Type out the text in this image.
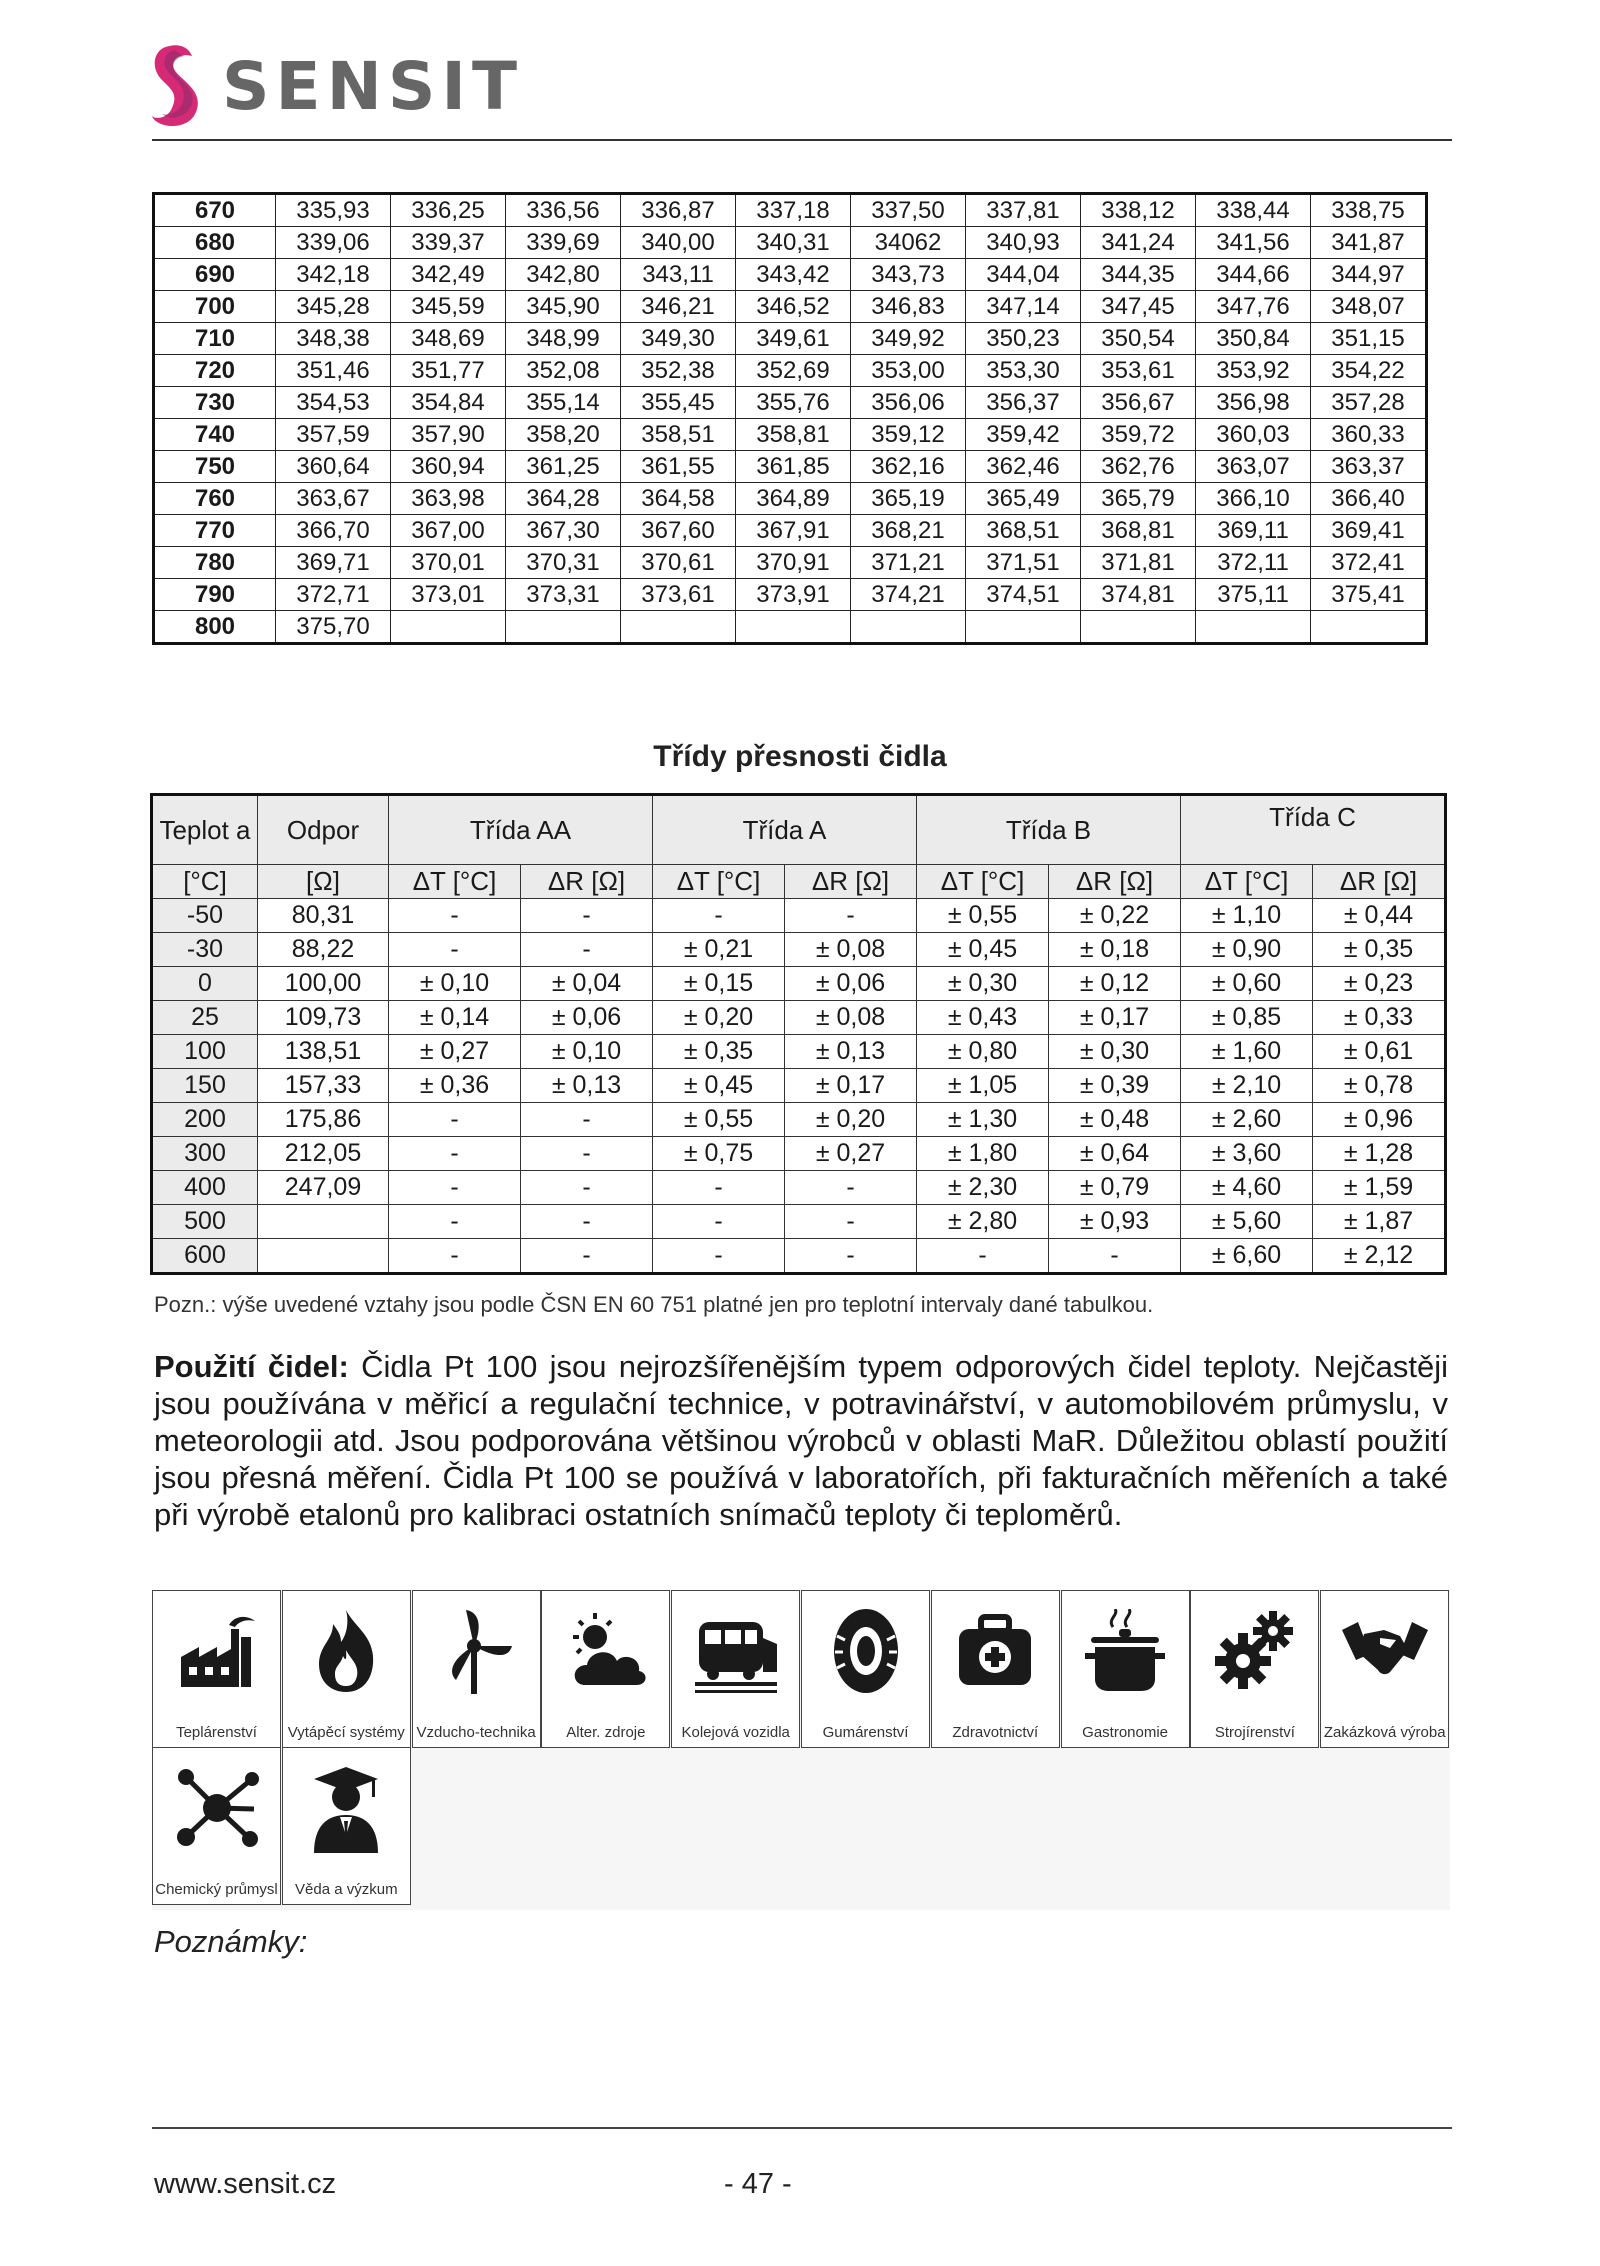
SENSIT
670	335,93	336,25	336,56	336,87	337,18	337,50	337,81	338,12	338,44	338,75
680	339,06	339,37	339,69	340,00	340,31	34062	340,93	341,24	341,56	341,87
690	342,18	342,49	342,80	343,11	343,42	343,73	344,04	344,35	344,66	344,97
700	345,28	345,59	345,90	346,21	346,52	346,83	347,14	347,45	347,76	348,07
710	348,38	348,69	348,99	349,30	349,61	349,92	350,23	350,54	350,84	351,15
720	351,46	351,77	352,08	352,38	352,69	353,00	353,30	353,61	353,92	354,22
730	354,53	354,84	355,14	355,45	355,76	356,06	356,37	356,67	356,98	357,28
740	357,59	357,90	358,20	358,51	358,81	359,12	359,42	359,72	360,03	360,33
750	360,64	360,94	361,25	361,55	361,85	362,16	362,46	362,76	363,07	363,37
760	363,67	363,98	364,28	364,58	364,89	365,19	365,49	365,79	366,10	366,40
770	366,70	367,00	367,30	367,60	367,91	368,21	368,51	368,81	369,11	369,41
780	369,71	370,01	370,31	370,61	370,91	371,21	371,51	371,81	372,11	372,41
790	372,71	373,01	373,31	373,61	373,91	374,21	374,51	374,81	375,11	375,41
800	375,70									
Třídy přesnosti čidla
Teplot a	Odpor	Třída AA		Třída A		Třída B		Třída C	
[°C]	[Ω]	ΔT [°C]	ΔR [Ω]	ΔT [°C]	ΔR [Ω]	ΔT [°C]	ΔR [Ω]	ΔT [°C]	ΔR [Ω]
-50	80,31	-	-	-	-	± 0,55	± 0,22	± 1,10	± 0,44
-30	88,22	-	-	± 0,21	± 0,08	± 0,45	± 0,18	± 0,90	± 0,35
0	100,00	± 0,10	± 0,04	± 0,15	± 0,06	± 0,30	± 0,12	± 0,60	± 0,23
25	109,73	± 0,14	± 0,06	± 0,20	± 0,08	± 0,43	± 0,17	± 0,85	± 0,33
100	138,51	± 0,27	± 0,10	± 0,35	± 0,13	± 0,80	± 0,30	± 1,60	± 0,61
150	157,33	± 0,36	± 0,13	± 0,45	± 0,17	± 1,05	± 0,39	± 2,10	± 0,78
200	175,86	-	-	± 0,55	± 0,20	± 1,30	± 0,48	± 2,60	± 0,96
300	212,05	-	-	± 0,75	± 0,27	± 1,80	± 0,64	± 3,60	± 1,28
400	247,09	-	-	-	-	± 2,30	± 0,79	± 4,60	± 1,59
500		-	-	-	-	± 2,80	± 0,93	± 5,60	± 1,87
600		-	-	-	-	-	-	± 6,60	± 2,12
Pozn.: výše uvedené vztahy jsou podle ČSN EN 60 751 platné jen pro teplotní intervaly dané tabulkou.
Použití čidel: Čidla Pt 100 jsou nejrozšířenějším typem odporových čidel teploty. Nejčastěji jsou používána v měřicí a regulační technice, v potravinářství, v automobilovém průmyslu, v meteorologii atd. Jsou podporována většinou výrobců v oblasti MaR. Důležitou oblastí použití jsou přesná měření. Čidla Pt 100 se používá v laboratořích, při fakturačních měřeních a také při výrobě etalonů pro kalibraci ostatních snímačů teploty či teploměrů.
Teplárenství	Vytápěcí systémy Vzducho-technika	Alter. zdroje	Kolejová vozidla	Gumárenství	Zdravotnictví	Gastronomie	Strojírenství	Zakázková výroba
Chemický průmysl	Věda a výzkum
Poznámky:
www.sensit.cz	- 47 -
